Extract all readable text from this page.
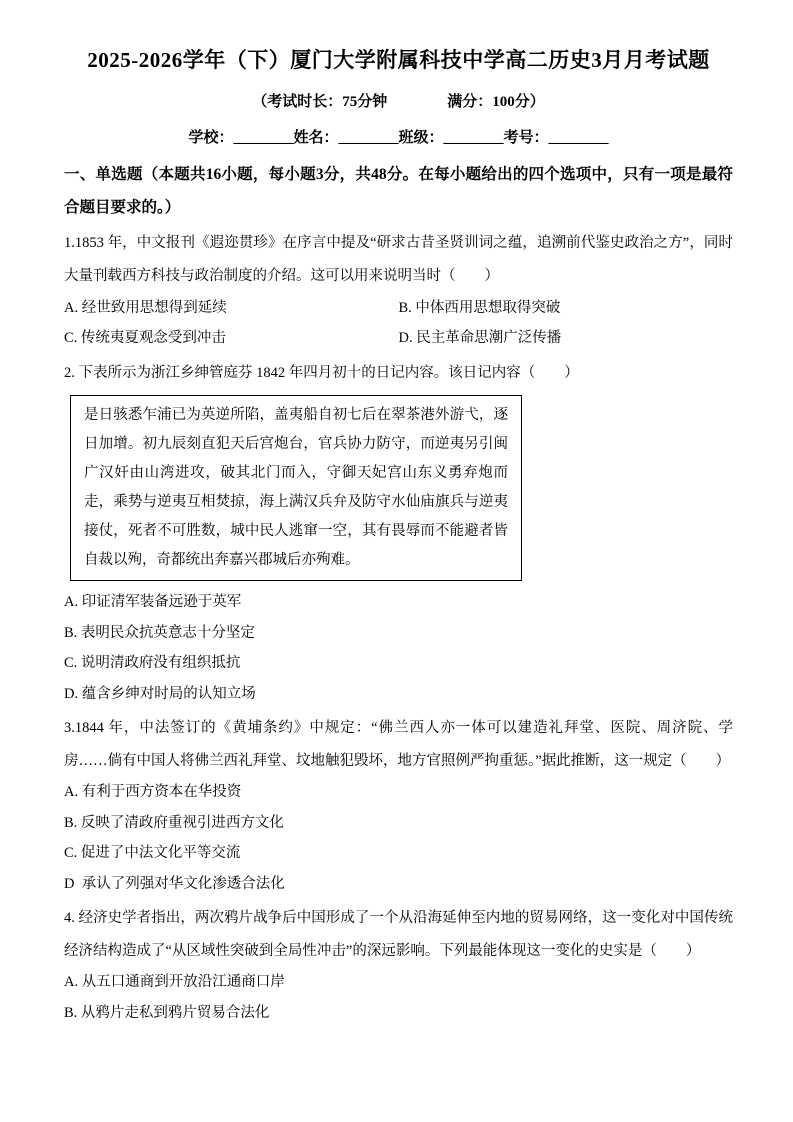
2025-2026学年（下）厦门大学附属科技中学高二历史3月月考试题
（考试时长：75分钟　　　　满分：100分）
学校：________姓名：________班级：________考号：________
一、单选题（本题共16小题，每小题3分，共48分。在每小题给出的四个选项中，只有一项是最符合题目要求的。）
1.1853 年，中文报刊《遐迩贯珍》在序言中提及“研求古昔圣贤训词之蕴，追溯前代鉴史政治之方”，同时大量刊载西方科技与政治制度的介绍。这可以用来说明当时（　　）
A. 经世致用思想得到延续	B. 中体西用思想取得突破
C. 传统夷夏观念受到冲击	D. 民主革命思潮广泛传播
2. 下表所示为浙江乡绅管庭芬 1842 年四月初十的日记内容。该日记内容（　　）
是日骇悉乍浦已为英逆所陷，盖夷船自初七后在翠茶港外游弋，逐日加增。初九辰刻直犯天后宫炮台，官兵协力防守，而逆夷另引闽广汉奸由山湾进攻，破其北门而入，守御天妃宫山东义勇弃炮而走，乘势与逆夷互相焚掠，海上满汉兵弁及防守水仙庙旗兵与逆夷接仗，死者不可胜数，城中民人逃窜一空，其有畏辱而不能避者皆自裁以殉，奇都统出奔嘉兴郡城后亦殉难。
A. 印证清军装备远逊于英军
B. 表明民众抗英意志十分坚定
C. 说明清政府没有组织抵抗
D. 蕴含乡绅对时局的认知立场
3.1844 年，中法签订的《黄埔条约》中规定：“佛兰西人亦一体可以建造礼拜堂、医院、周济院、学房……倘有中国人将佛兰西礼拜堂、坟地触犯毁坏，地方官照例严拘重惩。”据此推断，这一规定（　　）
A. 有利于西方资本在华投资
B. 反映了清政府重视引进西方文化
C. 促进了中法文化平等交流
D  承认了列强对华文化渗透合法化
4. 经济史学者指出，两次鸦片战争后中国形成了一个从沿海延伸至内地的贸易网络，这一变化对中国传统经济结构造成了“从区域性突破到全局性冲击”的深远影响。下列最能体现这一变化的史实是（　　）
A. 从五口通商到开放沿江通商口岸
B. 从鸦片走私到鸦片贸易合法化
